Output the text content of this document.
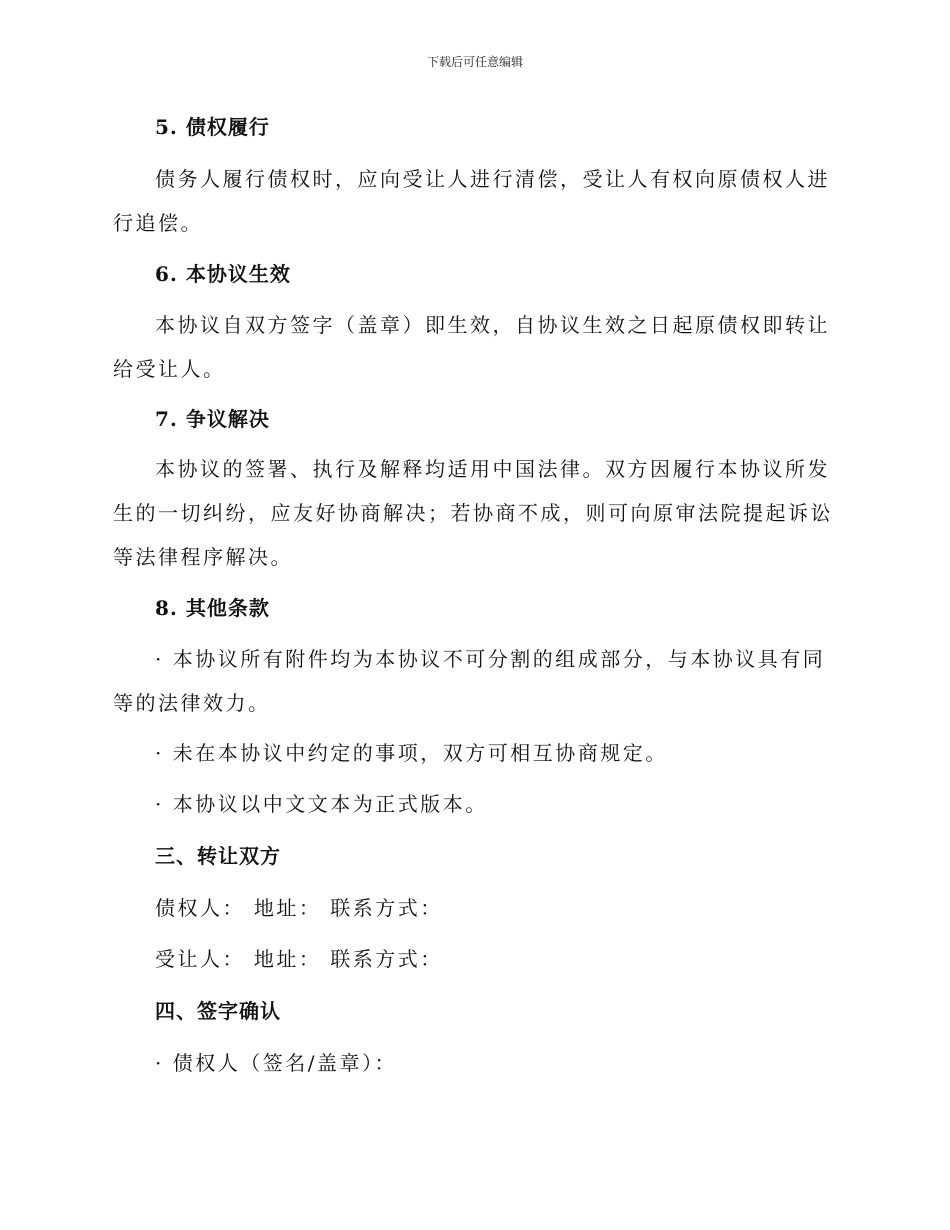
下载后可任意编辑
5. 债权履行

债务人履行债权时，应向受让人进行清偿，受让人有权向原债权人进行追偿。

6. 本协议生效

本协议自双方签字（盖章）即生效，自协议生效之日起原债权即转让给受让人。

7. 争议解决

本协议的签署、执行及解释均适用中国法律。双方因履行本协议所发生的一切纠纷，应友好协商解决；若协商不成，则可向原审法院提起诉讼等法律程序解决。

8. 其他条款

· 本协议所有附件均为本协议不可分割的组成部分，与本协议具有同等的法律效力。

· 未在本协议中约定的事项，双方可相互协商规定。
· 本协议以中文文本为正式版本。
三、转让双方
债权人： 地址： 联系方式：
受让人： 地址： 联系方式：
四、签字确认
· 债权人（签名/盖章）：
